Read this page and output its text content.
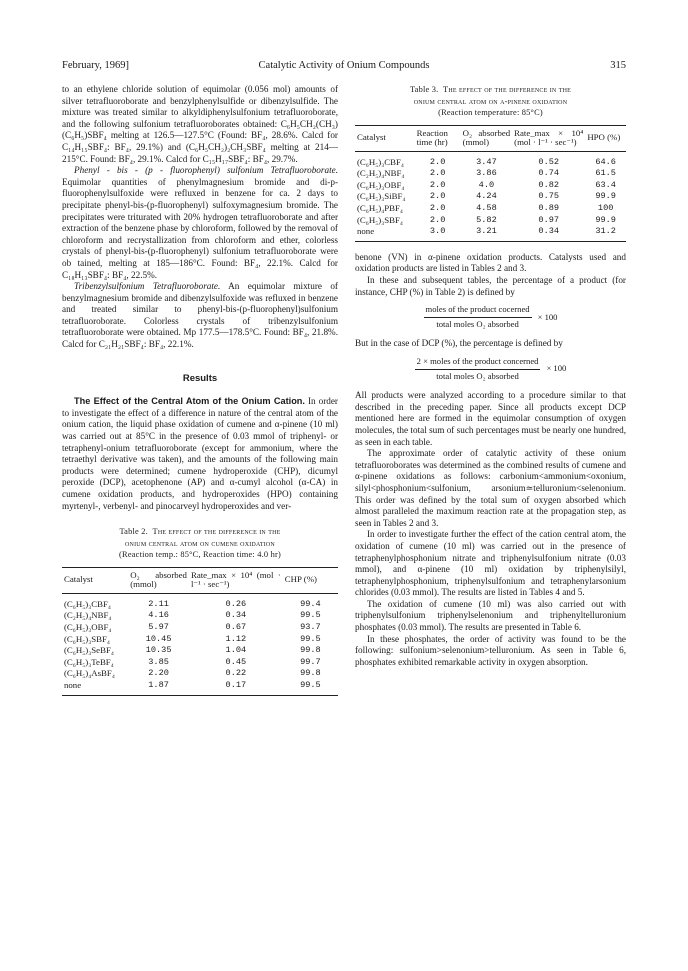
February, 1969]	Catalytic Activity of Onium Compounds	315

to an ethylene chloride solution of equimolar (0.056 mol) amounts of silver tetrafluoroborate and benzylphenylsulfide or dibenzylsulfide. The mixture was treated similar to alkyldiphenylsulfonium tetrafluoroborate, and the following sulfonium tetrafluoroborates obtained: C₆H₅CH₂(CH₃)(C₆H₅)SBF₄ melting at 126.5—127.5°C (Found: BF₄, 28.6%. Calcd for C₁₄H₁₅SBF₄: BF₄, 29.1%) and (C₆H₅CH₂)₂CH₃SBF₄ melting at 214—215°C. Found: BF₄, 29.1%. Calcd for C₁₅H₁₇SBF₄: BF₄, 29.7%.

Phenyl - bis - (p - fluorophenyl) sulfonium Tetrafluoroborate. Equimolar quantities of phenylmagnesium bromide and di-p-fluorophenylsulfoxide were refluxed in benzene for ca. 2 days to precipitate phenyl-bis-(p-fluorophenyl) sulfoxymagnesium bromide. The precipitates were triturated with 20% hydrogen tetrafluoroborate and after extraction of the benzene phase by chloroform, followed by the removal of chloroform and recrystallization from chloroform and ether, colorless crystals of phenyl-bis-(p-fluorophenyl) sulfonium tetrafluoroborate were ob tained, melting at 185—186°C. Found: BF₄, 22.1%. Calcd for C₁₈H₁₃SBF₄: BF₄, 22.5%.

Tribenzylsulfonium Tetrafluoroborate. An equimolar mixture of benzylmagnesium bromide and dibenzylsulfoxide was refluxed in benzene and treated similar to phenyl-bis-(p-fluorophenyl)sulfonium tetrafluoroborate. Colorless crystals of tribenzylsulfonium tetrafluoroborate were obtained. Mp 177.5—178.5°C. Found: BF₄, 21.8%. Calcd for C₂₁H₂₁SBF₄: BF₄, 22.1%.

Results

The Effect of the Central Atom of the Onium Cation. In order to investigate the effect of a difference in nature of the central atom of the onium cation, the liquid phase oxidation of cumene and α-pinene (10 ml) was carried out at 85°C in the presence of 0.03 mmol of triphenyl- or tetraphenyl-onium tetrafluoroborate (except for ammonium, where the tetraethyl derivative was taken), and the amounts of the following main products were determined; cumene hydroperoxide (CHP), dicumyl peroxide (DCP), acetophenone (AP) and α-cumyl alcohol (α-CA) in cumene oxidation products, and hydroperoxides (HPO) containing myrtenyl-, verbenyl- and pinocarveyl hydroperoxides and ver-

Table 2. The effect of the difference in the
onium central atom on cumene oxidation
(Reaction temp.: 85°C, Reaction time: 4.0 hr)
Catalyst	O₂ absorbed (mmol)	Rate_max × 10⁴ (mol · l⁻¹ · sec⁻¹)	CHP (%)
(C₆H₅)₃CBF₄	2.11	0.26	99.4
(C₂H₅)₄NBF₄	4.16	0.34	99.5
(C₆H₅)₃OBF₄	5.97	0.67	93.7
(C₆H₅)₃SBF₄	10.45	1.12	99.5
(C₆H₅)₃SeBF₄	10.35	1.04	99.8
(C₆H₅)₃TeBF₄	3.85	0.45	99.7
(C₆H₅)₄AsBF₄	2.20	0.22	99.8
none	1.87	0.17	99.5
Table 3. The effect of the difference in the
onium central atom on α-pinene oxidation
(Reaction temperature: 85°C)
Catalyst	Reaction time (hr)	O₂ absorbed (mmol)	Rate_max × 10⁴ (mol · l⁻¹ · sec⁻¹)	HPO (%)
(C₆H₅)₃CBF₄	2.0	3.47	0.52	64.6
(C₂H₅)₄NBF₄	2.0	3.86	0.74	61.5
(C₆H₅)₃OBF₄	2.0	4.0	0.82	63.4
(C₆H₅)₃SiBF₄	2.0	4.24	0.75	99.9
(C₆H₅)₄PBF₄	2.0	4.58	0.89	100
(C₆H₅)₃SBF₄	2.0	5.82	0.97	99.9
none	3.0	3.21	0.34	31.2

benone (VN) in α-pinene oxidation products. Catalysts used and oxidation products are listed in Tables 2 and 3.

In these and subsequent tables, the percentage of a product (for instance, CHP (%) in Table 2) is defined by

$\frac{\text{moles of the product cocerned}}{\text{total moles O₂ absorbed}} \times 100$

But in the case of DCP (%), the percentage is defined by

$\frac{\text{2 × moles of the product concerned}}{\text{total moles O₂ absorbed}} \times 100$

All products were analyzed according to a procedure similar to that described in the preceding paper. Since all products except DCP mentioned here are formed in the equimolar consumption of oxygen molecules, the total sum of such percentages must be nearly one hundred, as seen in each table.

The approximate order of catalytic activity of these onium tetrafluoroborates was determined as the combined results of cumene and α-pinene oxidations as follows: carbonium<ammonium<oxonium, silyl<phosphonium<sulfonium, arsonium≃telluronium<selenonium. This order was defined by the total sum of oxygen absorbed which almost paralleled the maximum reaction rate at the propagation step, as seen in Tables 2 and 3.

In order to investigate further the effect of the cation central atom, the oxidation of cumene (10 ml) was carried out in the presence of tetraphenylphosphonium nitrate and triphenylsulfonium nitrate (0.03 mmol), and α-pinene (10 ml) oxidation by triphenylsilyl, tetraphenylphosphonium, triphenylsulfonium and tetraphenylarsonium chlorides (0.03 mmol). The results are listed in Tables 4 and 5.

The oxidation of cumene (10 ml) was also carried out with triphenylsulfonium triphenylselenonium and triphenyltelluronium phosphates (0.03 mmol). The results are presented in Table 6.

In these phosphates, the order of activity was found to be the following: sulfonium>selenonium>telluronium. As seen in Table 6, phosphates exhibited remarkable activity in oxygen absorption.
